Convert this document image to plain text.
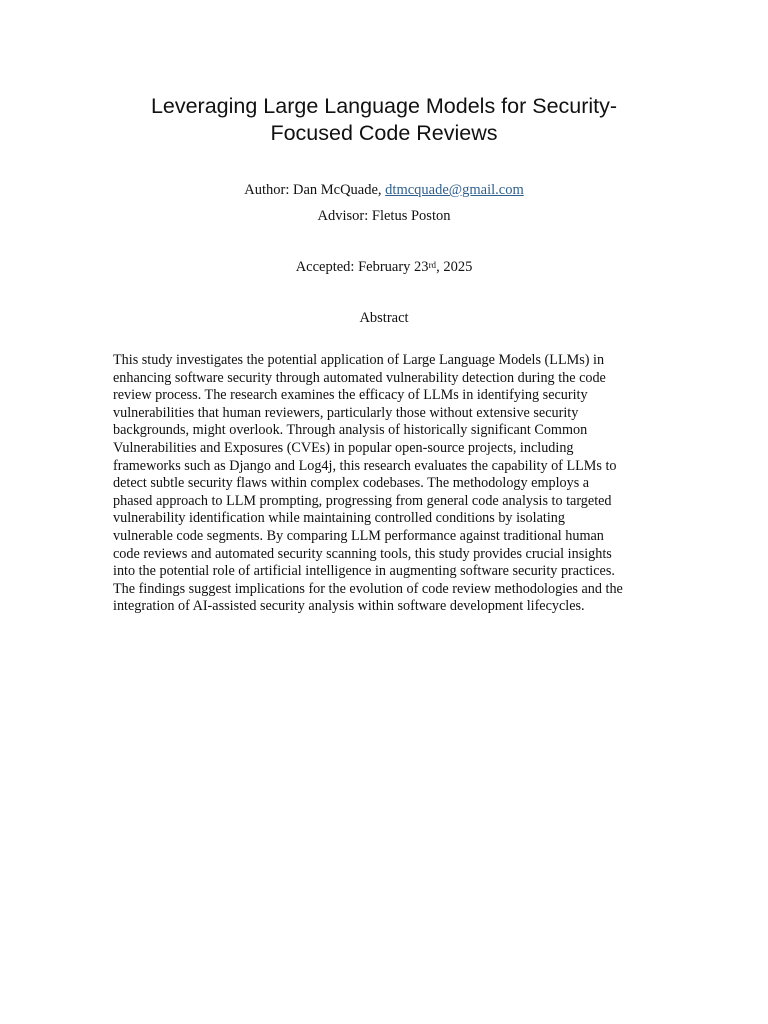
Leveraging Large Language Models for Security-
Focused Code Reviews
Author: Dan McQuade, dtmcquade@gmail.com
Advisor: Fletus Poston
Accepted: February 23rd, 2025
Abstract
This study investigates the potential application of Large Language Models (LLMs) in
enhancing software security through automated vulnerability detection during the code
review process. The research examines the efficacy of LLMs in identifying security
vulnerabilities that human reviewers, particularly those without extensive security
backgrounds, might overlook. Through analysis of historically significant Common
Vulnerabilities and Exposures (CVEs) in popular open-source projects, including
frameworks such as Django and Log4j, this research evaluates the capability of LLMs to
detect subtle security flaws within complex codebases. The methodology employs a
phased approach to LLM prompting, progressing from general code analysis to targeted
vulnerability identification while maintaining controlled conditions by isolating
vulnerable code segments. By comparing LLM performance against traditional human
code reviews and automated security scanning tools, this study provides crucial insights
into the potential role of artificial intelligence in augmenting software security practices.
The findings suggest implications for the evolution of code review methodologies and the
integration of AI-assisted security analysis within software development lifecycles.
